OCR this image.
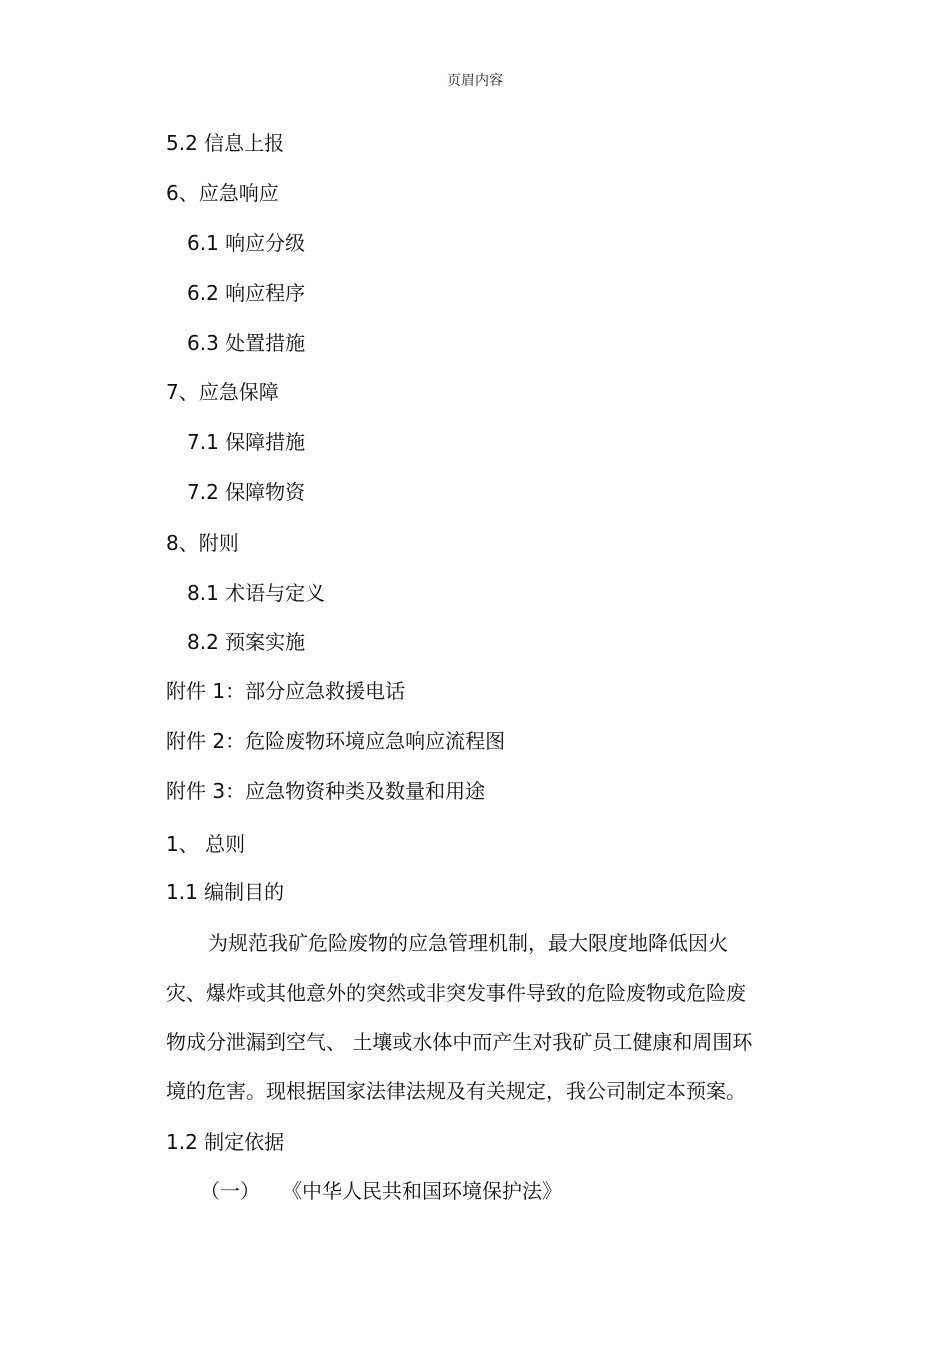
页眉内容
5.2 信息上报
6、应急响应
6.1 响应分级
6.2 响应程序
6.3 处置措施
7、应急保障
7.1 保障措施
7.2 保障物资
8、附则
8.1 术语与定义
8.2 预案实施
附件 1：部分应急救援电话
附件 2：危险废物环境应急响应流程图
附件 3：应急物资种类及数量和用途
1、 总则
1.1 编制目的
为规范我矿危险废物的应急管理机制，最大限度地降低因火
灾、爆炸或其他意外的突然或非突发事件导致的危险废物或危险废
物成分泄漏到空气、 土壤或水体中而产生对我矿员工健康和周围环
境的危害。现根据国家法律法规及有关规定，我公司制定本预案。
1.2 制定依据
（一） 《中华人民共和国环境保护法》
